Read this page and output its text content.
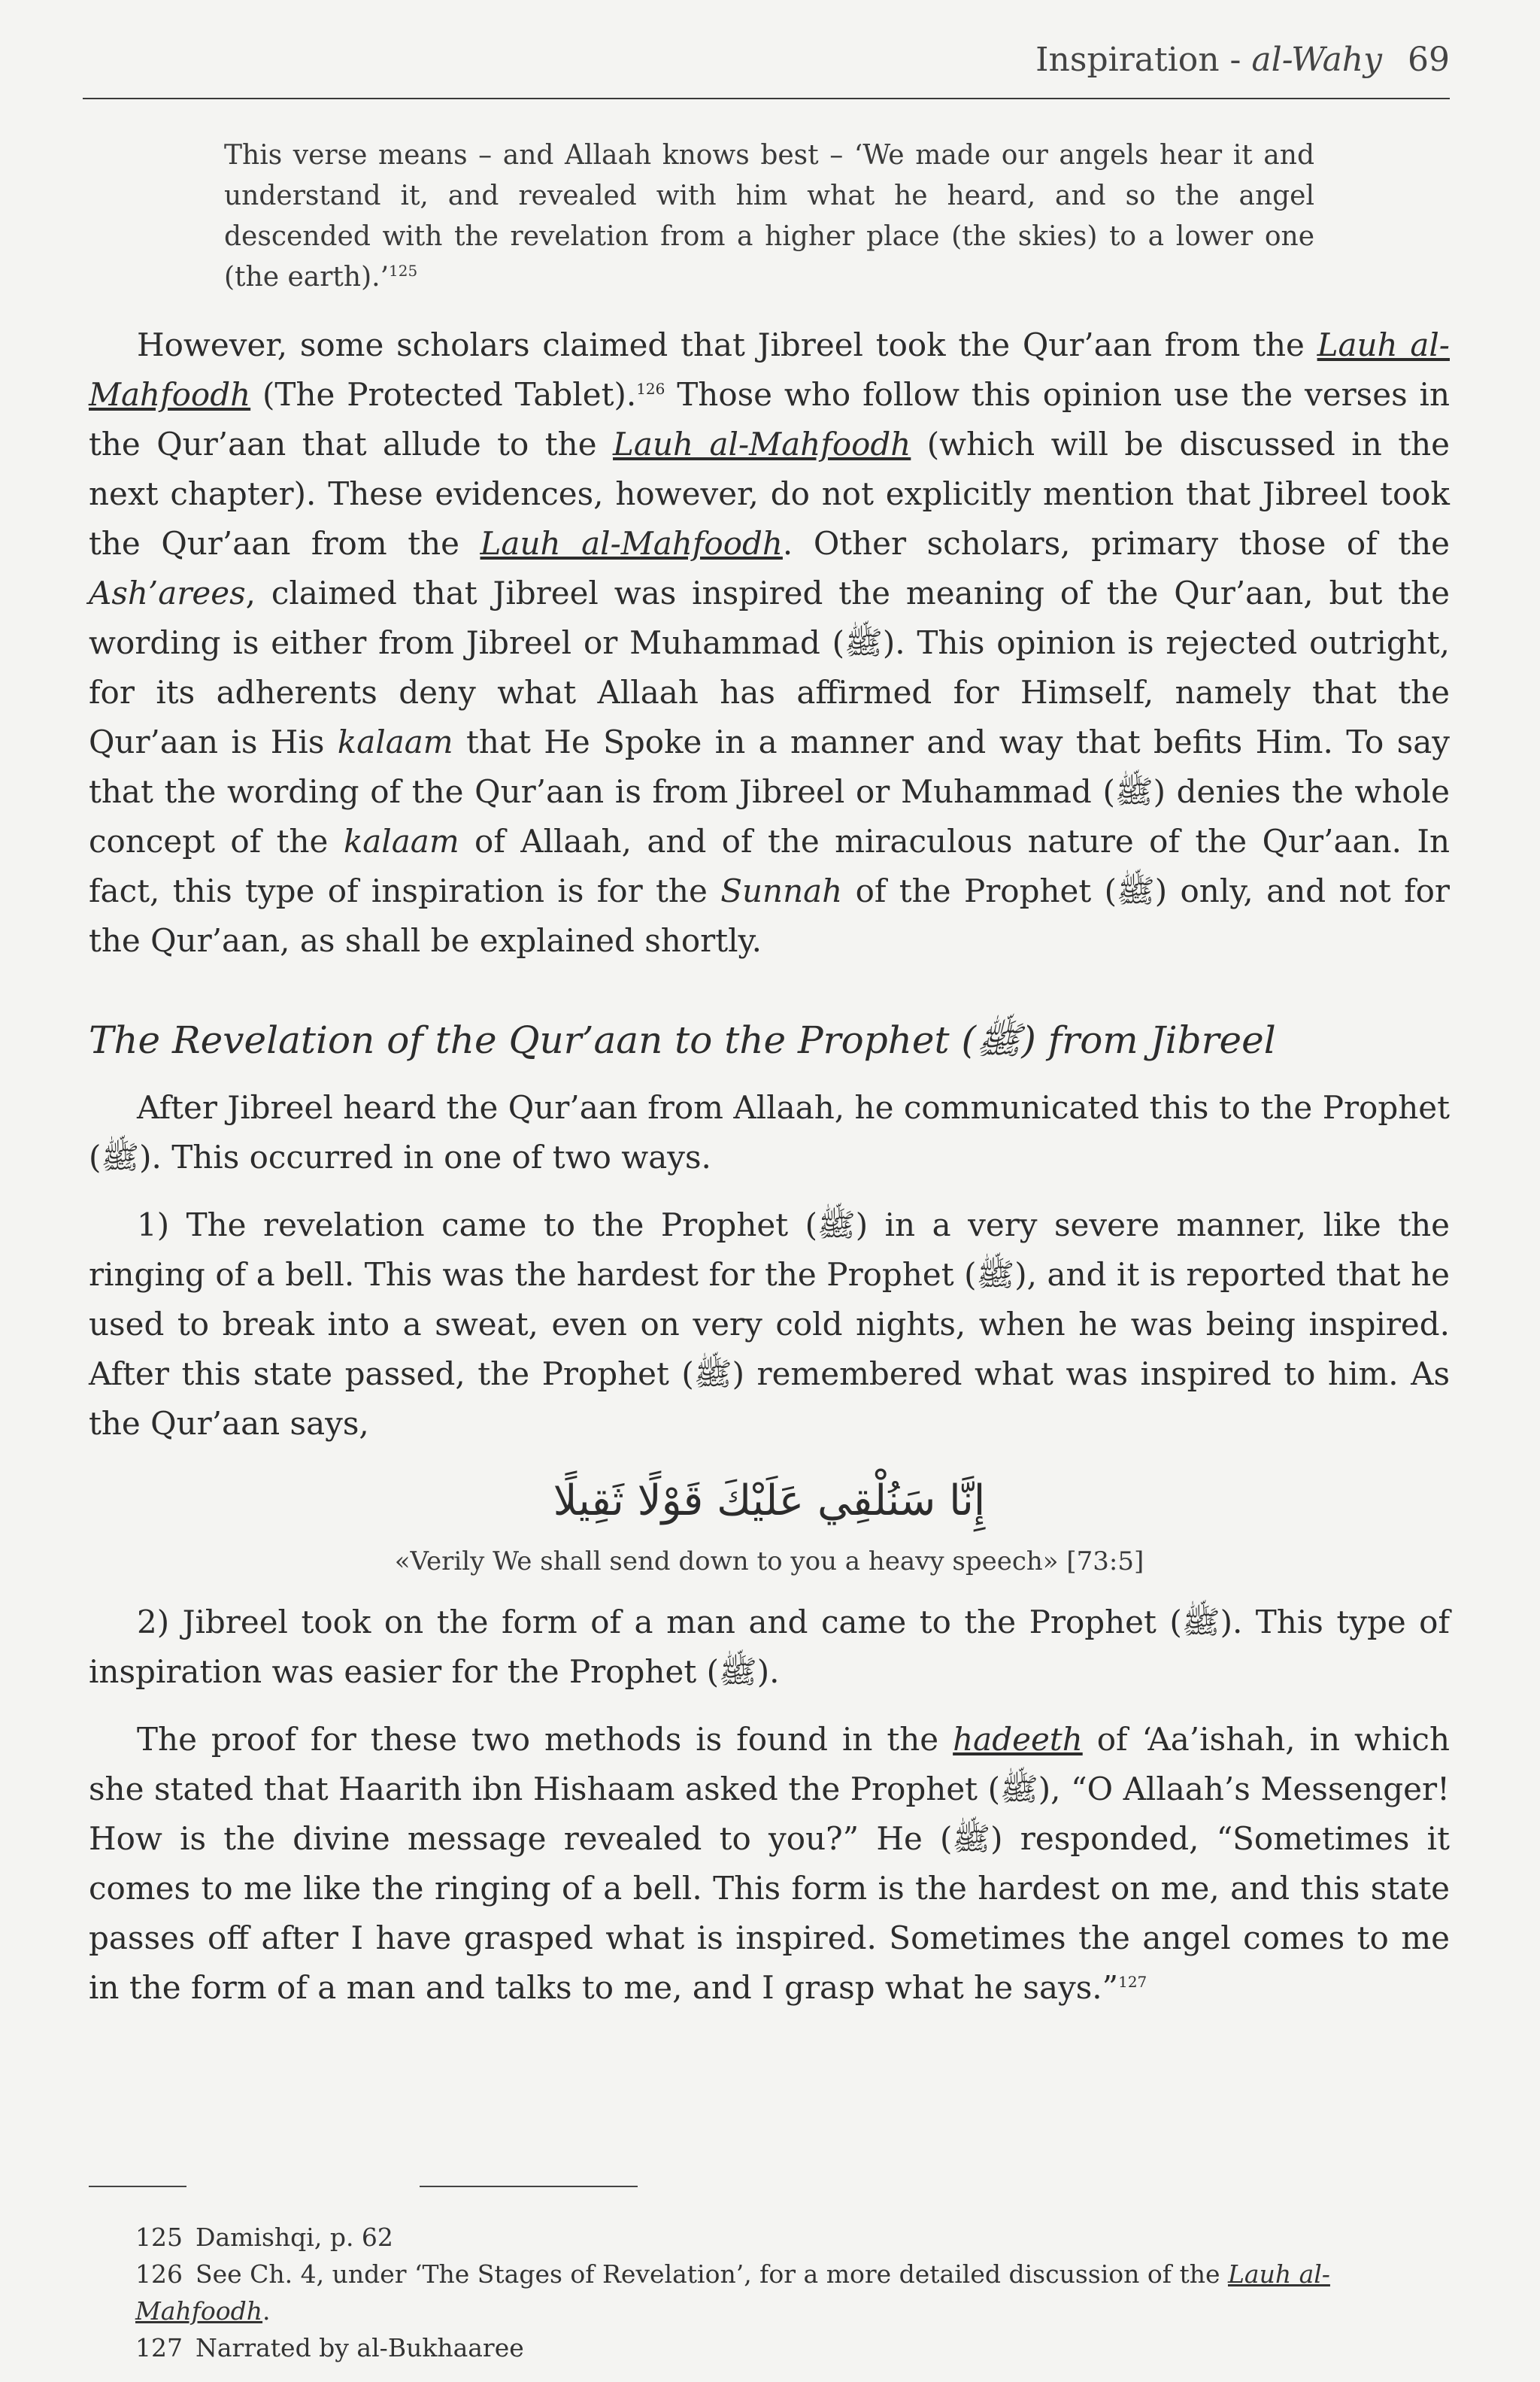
Inspiration - al-Wahy 69

This verse means – and Allaah knows best – ‘We made our angels hear it and understand it, and revealed with him what he heard, and so the angel descended with the revelation from a higher place (the skies) to a lower one (the earth).’$^{125}$

However, some scholars claimed that Jibreel took the Qur’aan from the Lauh al-Mahfoodh (The Protected Tablet).$^{126}$ Those who follow this opinion use the verses in the Qur’aan that allude to the Lauh al-Mahfoodh (which will be discussed in the next chapter). These evidences, however, do not explicitly mention that Jibreel took the Qur’aan from the Lauh al-Mahfoodh. Other scholars, primary those of the Ash’arees, claimed that Jibreel was inspired the meaning of the Qur’aan, but the wording is either from Jibreel or Muhammad (ﷺ). This opinion is rejected outright, for its adherents deny what Allaah has affirmed for Himself, namely that the Qur’aan is His kalaam that He Spoke in a manner and way that befits Him. To say that the wording of the Qur’aan is from Jibreel or Muhammad (ﷺ) denies the whole concept of the kalaam of Allaah, and of the miraculous nature of the Qur’aan. In fact, this type of inspiration is for the Sunnah of the Prophet (ﷺ) only, and not for the Qur’aan, as shall be explained shortly.

The Revelation of the Qur’aan to the Prophet (ﷺ) from Jibreel

After Jibreel heard the Qur’aan from Allaah, he communicated this to the Prophet (ﷺ). This occurred in one of two ways.

1) The revelation came to the Prophet (ﷺ) in a very severe manner, like the ringing of a bell. This was the hardest for the Prophet (ﷺ), and it is reported that he used to break into a sweat, even on very cold nights, when he was being inspired. After this state passed, the Prophet (ﷺ) remembered what was inspired to him. As the Qur’aan says,

إِنَّا سَنُلْقِي عَلَيْكَ قَوْلًا ثَقِيلًا
«Verily We shall send down to you a heavy speech» [73:5]

2) Jibreel took on the form of a man and came to the Prophet (ﷺ). This type of inspiration was easier for the Prophet (ﷺ).

The proof for these two methods is found in the hadeeth of ‘Aa’ishah, in which she stated that Haarith ibn Hishaam asked the Prophet (ﷺ), “O Allaah’s Messenger! How is the divine message revealed to you?” He (ﷺ) responded, “Sometimes it comes to me like the ringing of a bell. This form is the hardest on me, and this state passes off after I have grasped what is inspired. Sometimes the angel comes to me in the form of a man and talks to me, and I grasp what he says.”$^{127}$

125 Damishqi, p. 62
126 See Ch. 4, under ‘The Stages of Revelation’, for a more detailed discussion of the Lauh al-Mahfoodh.
127 Narrated by al-Bukhaaree
